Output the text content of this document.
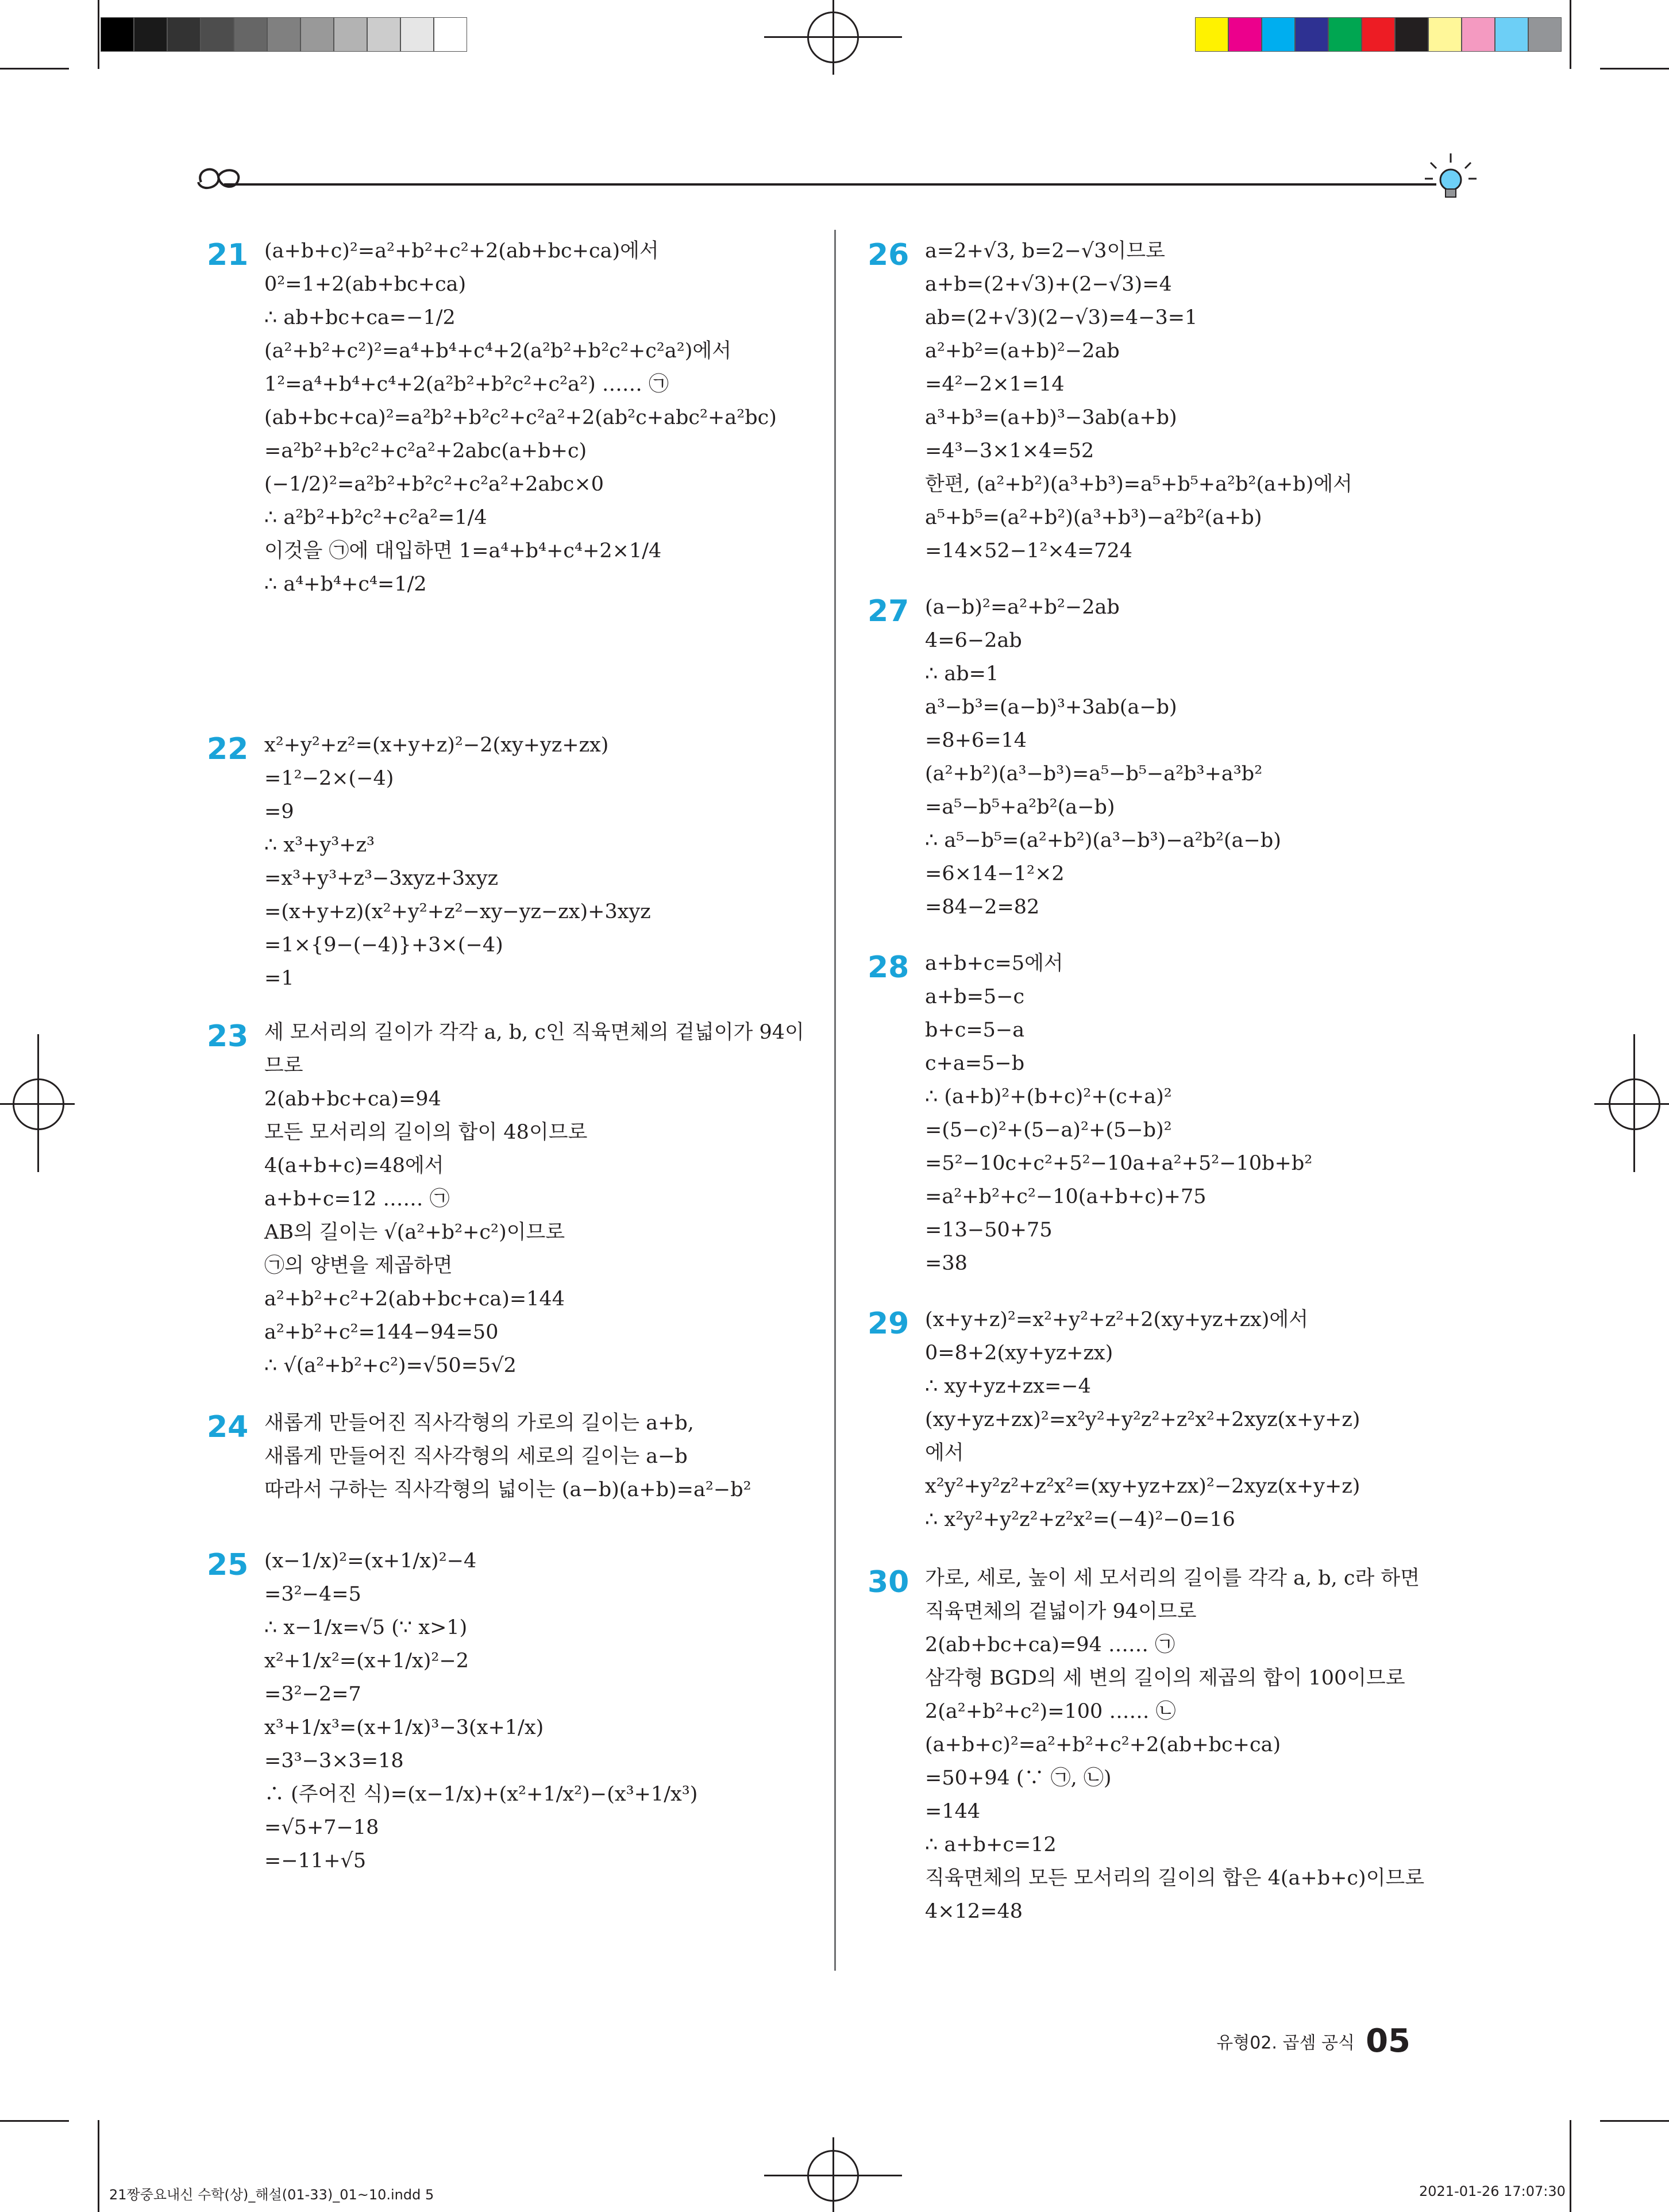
21 (a+b+c)²=a²+b²+c²+2(ab+bc+ca)에서
0²=1+2(ab+bc+ca)
∴ ab+bc+ca=−1/2
(a²+b²+c²)²=a⁴+b⁴+c⁴+2(a²b²+b²c²+c²a²)에서
1²=a⁴+b⁴+c⁴+2(a²b²+b²c²+c²a²) …… ㉠
(ab+bc+ca)²=a²b²+b²c²+c²a²+2(ab²c+abc²+a²bc)
=a²b²+b²c²+c²a²+2abc(a+b+c)
(−1/2)²=a²b²+b²c²+c²a²+2abc×0
∴ a²b²+b²c²+c²a²=1/4
이것을 ㉠에 대입하면 1=a⁴+b⁴+c⁴+2×1/4
∴ a⁴+b⁴+c⁴=1/2
22 x²+y²+z²=(x+y+z)²−2(xy+yz+zx)
=1²−2×(−4)
=9
∴ x³+y³+z³
=x³+y³+z³−3xyz+3xyz
=(x+y+z)(x²+y²+z²−xy−yz−zx)+3xyz
=1×{9−(−4)}+3×(−4)
=1
23 세 모서리의 길이가 각각 a, b, c인 직육면체의 겉넓이가 94이
므로
2(ab+bc+ca)=94
모든 모서리의 길이의 합이 48이므로
4(a+b+c)=48에서
a+b+c=12 …… ㉠
AB의 길이는 √(a²+b²+c²)이므로
㉠의 양변을 제곱하면
a²+b²+c²+2(ab+bc+ca)=144
a²+b²+c²=144−94=50
∴ √(a²+b²+c²)=√50=5√2
24 새롭게 만들어진 직사각형의 가로의 길이는 a+b,
새롭게 만들어진 직사각형의 세로의 길이는 a−b
따라서 구하는 직사각형의 넓이는 (a−b)(a+b)=a²−b²
25 (x−1/x)²=(x+1/x)²−4
=3²−4=5
∴ x−1/x=√5 (∵ x>1)
x²+1/x²=(x+1/x)²−2
=3²−2=7
x³+1/x³=(x+1/x)³−3(x+1/x)
=3³−3×3=18
∴ (주어진 식)=(x−1/x)+(x²+1/x²)−(x³+1/x³)
=√5+7−18
=−11+√5
26 a=2+√3, b=2−√3이므로
a+b=(2+√3)+(2−√3)=4
ab=(2+√3)(2−√3)=4−3=1
a²+b²=(a+b)²−2ab
=4²−2×1=14
a³+b³=(a+b)³−3ab(a+b)
=4³−3×1×4=52
한편, (a²+b²)(a³+b³)=a⁵+b⁵+a²b²(a+b)에서
a⁵+b⁵=(a²+b²)(a³+b³)−a²b²(a+b)
=14×52−1²×4=724
27 (a−b)²=a²+b²−2ab
4=6−2ab
∴ ab=1
a³−b³=(a−b)³+3ab(a−b)
=8+6=14
(a²+b²)(a³−b³)=a⁵−b⁵−a²b³+a³b²
=a⁵−b⁵+a²b²(a−b)
∴ a⁵−b⁵=(a²+b²)(a³−b³)−a²b²(a−b)
=6×14−1²×2
=84−2=82
28 a+b+c=5에서
a+b=5−c
b+c=5−a
c+a=5−b
∴ (a+b)²+(b+c)²+(c+a)²
=(5−c)²+(5−a)²+(5−b)²
=5²−10c+c²+5²−10a+a²+5²−10b+b²
=a²+b²+c²−10(a+b+c)+75
=13−50+75
=38
29 (x+y+z)²=x²+y²+z²+2(xy+yz+zx)에서
0=8+2(xy+yz+zx)
∴ xy+yz+zx=−4
(xy+yz+zx)²=x²y²+y²z²+z²x²+2xyz(x+y+z)
에서
x²y²+y²z²+z²x²=(xy+yz+zx)²−2xyz(x+y+z)
∴ x²y²+y²z²+z²x²=(−4)²−0=16
30 가로, 세로, 높이 세 모서리의 길이를 각각 a, b, c라 하면
직육면체의 겉넓이가 94이므로
2(ab+bc+ca)=94 …… ㉠
삼각형 BGD의 세 변의 길이의 제곱의 합이 100이므로
2(a²+b²+c²)=100 …… ㉡
(a+b+c)²=a²+b²+c²+2(ab+bc+ca)
=50+94 (∵ ㉠, ㉡)
=144
∴ a+b+c=12
직육면체의 모든 모서리의 길이의 합은 4(a+b+c)이므로
4×12=48
유형02. 곱셈 공식 05
21짱중요내신 수학(상)_해설(01-33)_01~10.indd 5	2021-01-26 17:07:30
